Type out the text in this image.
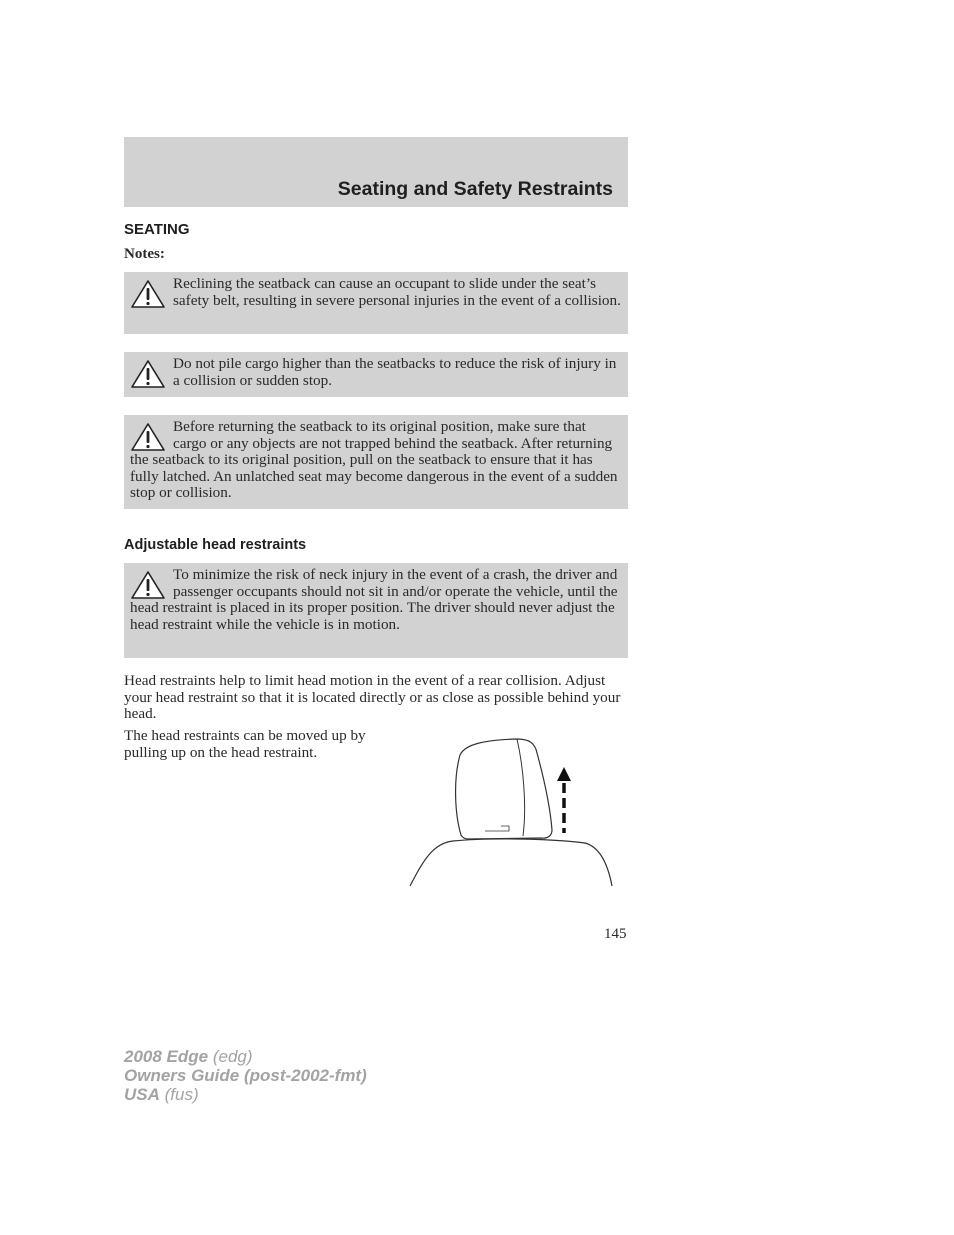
Seating and Safety Restraints
SEATING
Notes:
Reclining the seatback can cause an occupant to slide under the seat’s safety belt, resulting in severe personal injuries in the event of a collision.
Do not pile cargo higher than the seatbacks to reduce the risk of injury in a collision or sudden stop.
Before returning the seatback to its original position, make sure that cargo or any objects are not trapped behind the seatback. After returning the seatback to its original position, pull on the seatback to ensure that it has fully latched. An unlatched seat may become dangerous in the event of a sudden stop or collision.
Adjustable head restraints
To minimize the risk of neck injury in the event of a crash, the driver and passenger occupants should not sit in and/or operate the vehicle, until the head restraint is placed in its proper position. The driver should never adjust the head restraint while the vehicle is in motion.
Head restraints help to limit head motion in the event of a rear collision. Adjust your head restraint so that it is located directly or as close as possible behind your head.
The head restraints can be moved up by pulling up on the head restraint.
145
2008 Edge (edg)
Owners Guide (post-2002-fmt)
USA (fus)
